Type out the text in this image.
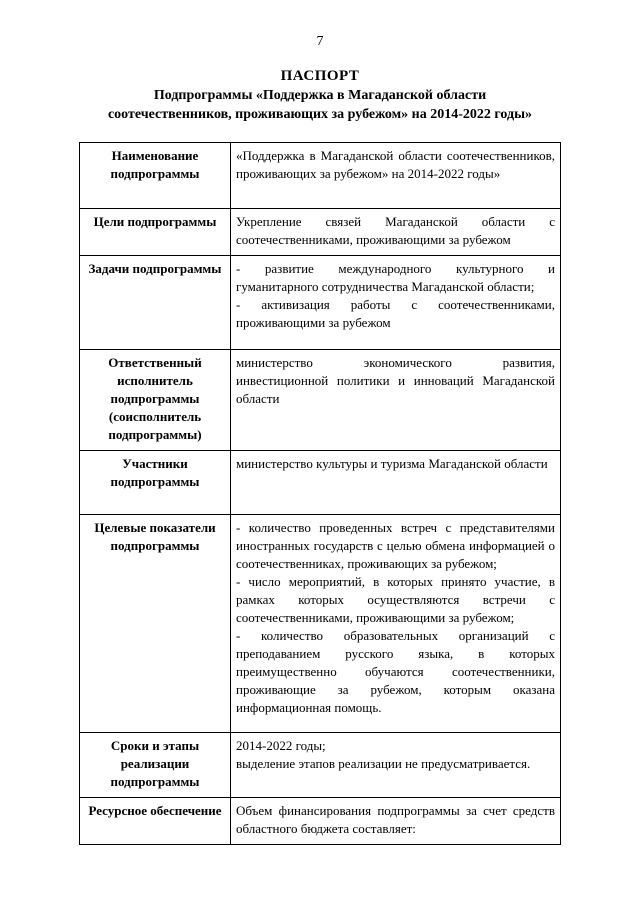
7
ПАСПОРТ
Подпрограммы «Поддержка в Магаданской области
соотечественников, проживающих за рубежом» на 2014-2022 годы»
Наименование подпрограммы	«Поддержка в Магаданской области соотечественников, проживающих за рубежом» на 2014-2022 годы»

Цели подпрограммы	Укрепление связей Магаданской области с соотечественниками, проживающими за рубежом

Задачи подпрограммы	- развитие международного культурного и гуманитарного сотрудничества Магаданской области;
- активизация работы с соотечественниками, проживающими за рубежом

Ответственный исполнитель подпрограммы (соисполнитель подпрограммы)	министерство экономического развития, инвестиционной политики и инноваций Магаданской области

Участники подпрограммы	министерство культуры и туризма Магаданской области

Целевые показатели подпрограммы	- количество проведенных встреч с представителями иностранных государств с целью обмена информацией о соотечественниках, проживающих за рубежом;
- число мероприятий, в которых принято участие, в рамках которых осуществляются встречи с соотечественниками, проживающими за рубежом;
- количество образовательных организаций с преподаванием русского языка, в которых преимущественно обучаются соотечественники, проживающие за рубежом, которым оказана информационная помощь.

Сроки и этапы реализации подпрограммы	2014-2022 годы;
выделение этапов реализации не предусматривается.

Ресурсное обеспечение	Объем финансирования подпрограммы за счет средств областного бюджета составляет:
